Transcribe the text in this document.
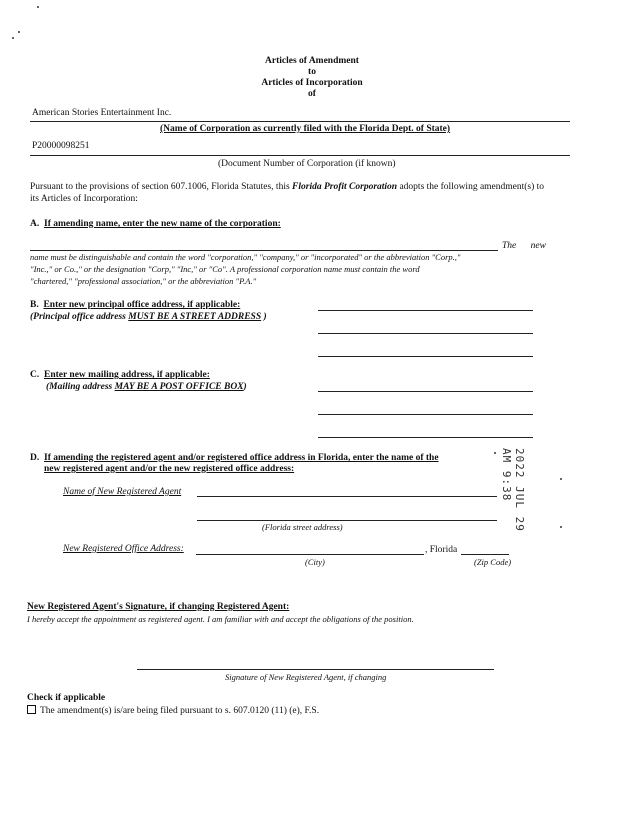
Articles of Amendment
to
Articles of Incorporation
of
American Stories Entertainment Inc.
(Name of Corporation as currently filed with the Florida Dept. of State)
P20000098251
(Document Number of Corporation (if known)
Pursuant to the provisions of section 607.1006, Florida Statutes, this Florida Profit Corporation adopts the following amendment(s) to
its Articles of Incorporation:
A. If amending name, enter the new name of the corporation:
The new
name must be distinguishable and contain the word "corporation," "company," or "incorporated" or the abbreviation "Corp.,"
"Inc.," or Co.," or the designation "Corp," "Inc," or "Co". A professional corporation name must contain the word
"chartered," "professional association," or the abbreviation "P.A."
B. Enter new principal office address, if applicable:
(Principal office address MUST BE A STREET ADDRESS )
C. Enter new mailing address, if applicable:
(Mailing address MAY BE A POST OFFICE BOX)
D. If amending the registered agent and/or registered office address in Florida, enter the name of the
new registered agent and/or the new registered office address:
Name of New Registered Agent
(Florida street address)
New Registered Office Address:	, Florida
(City)	(Zip Code)
2022 JUL 29 AM 9:38
New Registered Agent's Signature, if changing Registered Agent:
I hereby accept the appointment as registered agent. I am familiar with and accept the obligations of the position.
Signature of New Registered Agent, if changing
Check if applicable
The amendment(s) is/are being filed pursuant to s. 607.0120 (11) (e), F.S.
